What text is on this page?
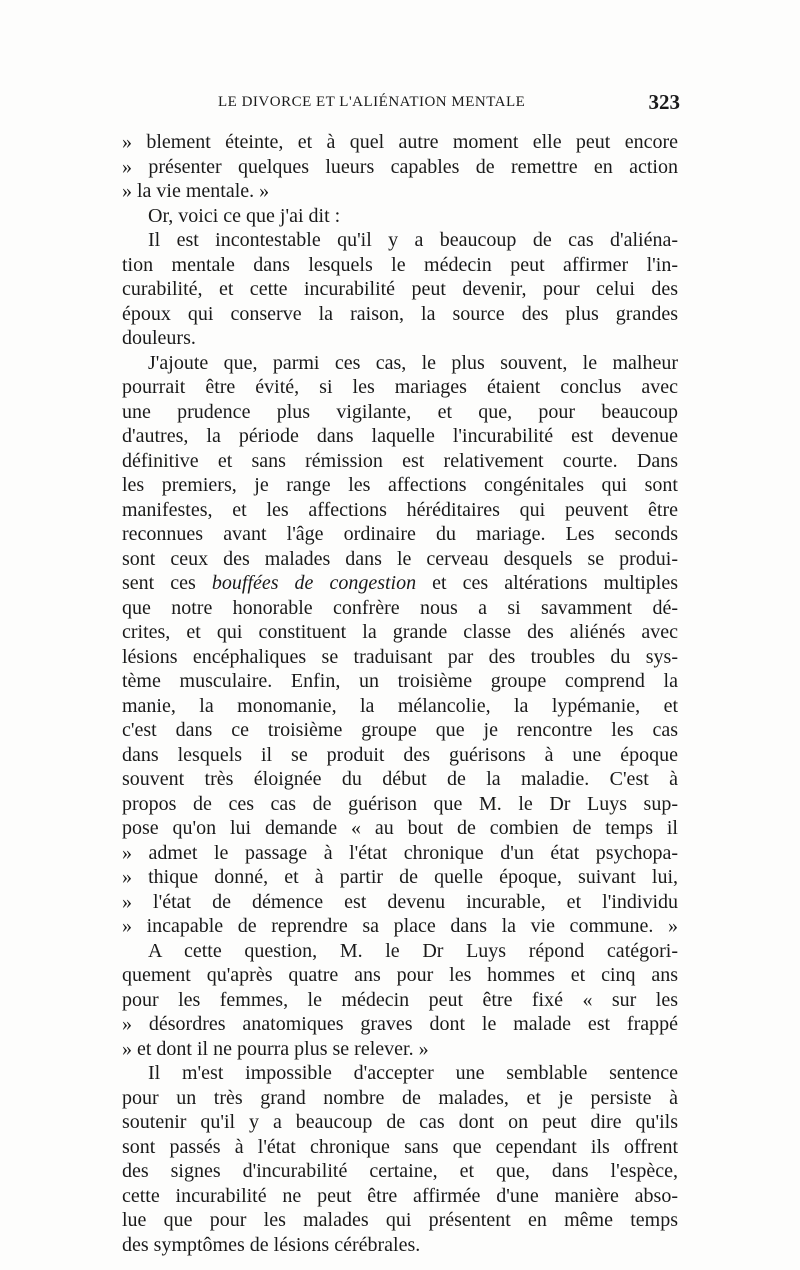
LE DIVORCE ET L'ALIÉNATION MENTALE	323
» blement éteinte, et à quel autre moment elle peut encore
» présenter quelques lueurs capables de remettre en action
» la vie mentale. »
Or, voici ce que j'ai dit :
Il est incontestable qu'il y a beaucoup de cas d'aliéna-
tion mentale dans lesquels le médecin peut affirmer l'in-
curabilité, et cette incurabilité peut devenir, pour celui des
époux qui conserve la raison, la source des plus grandes
douleurs.
J'ajoute que, parmi ces cas, le plus souvent, le malheur
pourrait être évité, si les mariages étaient conclus avec
une prudence plus vigilante, et que, pour beaucoup
d'autres, la période dans laquelle l'incurabilité est devenue
définitive et sans rémission est relativement courte. Dans
les premiers, je range les affections congénitales qui sont
manifestes, et les affections héréditaires qui peuvent être
reconnues avant l'âge ordinaire du mariage. Les seconds
sont ceux des malades dans le cerveau desquels se produi-
sent ces bouffées de congestion et ces altérations multiples
que notre honorable confrère nous a si savamment dé-
crites, et qui constituent la grande classe des aliénés avec
lésions encéphaliques se traduisant par des troubles du sys-
tème musculaire. Enfin, un troisième groupe comprend la
manie, la monomanie, la mélancolie, la lypémanie, et
c'est dans ce troisième groupe que je rencontre les cas
dans lesquels il se produit des guérisons à une époque
souvent très éloignée du début de la maladie. C'est à
propos de ces cas de guérison que M. le Dr Luys sup-
pose qu'on lui demande « au bout de combien de temps il
» admet le passage à l'état chronique d'un état psychopa-
» thique donné, et à partir de quelle époque, suivant lui,
» l'état de démence est devenu incurable, et l'individu
» incapable de reprendre sa place dans la vie commune. »
A cette question, M. le Dr Luys répond catégori-
quement qu'après quatre ans pour les hommes et cinq ans
pour les femmes, le médecin peut être fixé « sur les
» désordres anatomiques graves dont le malade est frappé
» et dont il ne pourra plus se relever. »
Il m'est impossible d'accepter une semblable sentence
pour un très grand nombre de malades, et je persiste à
soutenir qu'il y a beaucoup de cas dont on peut dire qu'ils
sont passés à l'état chronique sans que cependant ils offrent
des signes d'incurabilité certaine, et que, dans l'espèce,
cette incurabilité ne peut être affirmée d'une manière abso-
lue que pour les malades qui présentent en même temps
des symptômes de lésions cérébrales.
